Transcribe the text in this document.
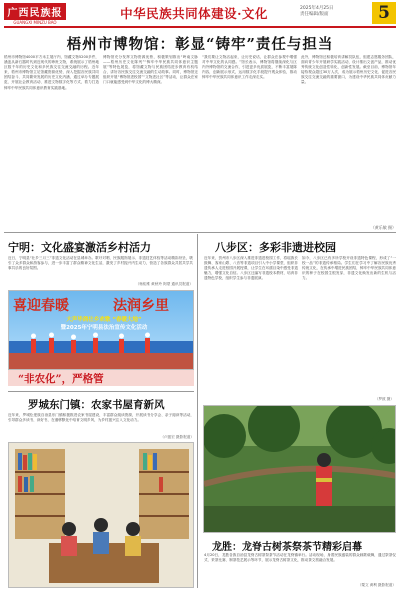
广西民族报
GUANGXI MINZU BAO
中华民族共同体建设·文化	2025年4月25日
责任编辑/版面	5
梧州市博物馆：彰显“铸牢”责任与担当
梧州市博物馆4000平方米主展厅内，馆藏文物5200多件，涵盖从新石器时代到近现代的珍贵文物，系统展示了梧州地区数千年的历史文化和多民族交往交流交融的历程。近年来，梧州市博物馆立足馆藏资源优势，深入挖掘各民族共同团结奋斗、共同繁荣发展的历史文化内涵，通过举办专题展览、开展社会教育活动、推进文物数字化等方式，着力打造铸牢中华民族共同体意识教育实践基地。
博物馆充分发挥文物资源优势，积极策划推出“岭南文脉——梧州历史文化陈列”“铸牢中华民族共同体意识主题展”等特色展览，将馆藏文物与民族团结进步教育有机结合，讲好各民族交往交流交融的生动故事。同时，博物馆还组织开展“博物馆进校园”“文物进社区”等活动，让群众在家门口就能感受到中华文化的博大精深。
“我们要让文物活起来，让历史说话，让群众在参观中增强对中华文化的认同感。”馆长表示，博物馆将继续深化与区内外博物馆的交流合作，引进更多优质展览，不断丰富展陈内容，创新展示形式，运用数字化手段提升观众体验，推动铸牢中华民族共同体意识工作走深走实。
此外，博物馆还积极培育讲解员队伍，组建志愿服务团队，面向青少年开展研学实践活动，设计推出文创产品，推动优秀传统文化创造性转化、创新性发展。截至目前，博物馆年接待观众超过30万人次，成为展示梧州历史文化、促进各民族交往交流交融的重要窗口，为建设中华民族共同体贡献力量。
（黄乐敏 摄）
宁明：文化盛宴激活乡村活力
近日，宁明县“壮乡三月三”非遗文化活动在县城举办。歌圩对唱、民族服饰展示、非遗技艺体验等活动精彩纷呈，吸引了众多群众和游客参与，进一步丰富了群众精神文化生活，激发了乡村振兴内生动力，营造了各族群众共居共学共事共乐的良好氛围。
（杨佑维 黄秋玲 阿蒙 通讯员报道）
喜迎春暖	法润乡里
大声毕鸽壮乡欢歌 “春暖大地”
暨2025年宁明县法治宣传文化活动
“非农化”，严格管
罗城东门镇：农家书屋育新风
近年来，罗城仫佬族自治县东门镇积极推进农家书屋建设，丰富群众阅读资源，开展读书分享会、亲子阅读等活动，引导群众多读书、读好书，在潜移默化中培育文明乡风，为乡村振兴注入文化动力。
（卢振宏 摄影报道）
八步区：多彩非遗进校园
近年来，贺州市八步区深入推进非遗进校园工作，将瑶族长鼓舞、客家山歌、八音等非遗项目引入中小学课堂，组织非遗传承人走进校园开展授课，让学生在耳濡目染中感受非遗魅力，增强文化自信。八步区还编写非遗校本教材，培育非遗特色学校，组织学生参与非遗展演。
如今，八步区已有多所学校开设非遗特色课程，形成了“一校一品”的非遗传承格局。学生们在学习中了解各民族优秀传统文化，在传承中增进民族团结，铸牢中华民族共同体意识的种子在校园生根发芽，非遗文化焕发出新的生机与活力。
（罗波 摄）
龙胜：龙脊古树茶祭茶节精彩启幕
4月20日，龙胜各族自治县龙脊古树茶祭茶节活动在龙脊镇举行。活动现场，身着民族盛装的群众载歌载舞，通过祭茶仪式、采茶比赛、制茶技艺展示等环节，展示龙脊古树茶文化，推动茶文旅融合发展。
（粟文 黄利 摄影报道）
